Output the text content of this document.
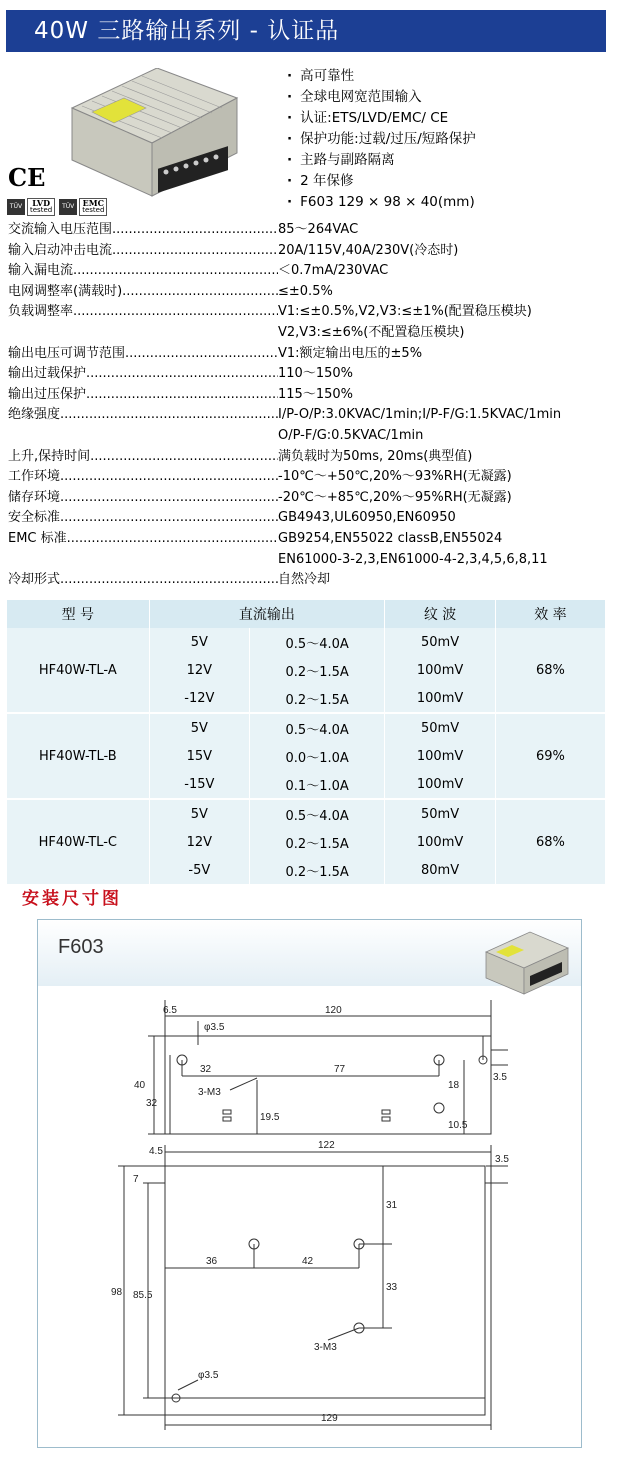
40W 三路输出系列 - 认证品
CE
TÜV	LVD
tested	TÜV	EMC
tested
· 高可靠性
· 全球电网宽范围输入
· 认证:ETS/LVD/EMC/ CE
· 保护功能:过载/过压/短路保护
· 主路与副路隔离
· 2 年保修
· F603 129 × 98 × 40(mm)
交流输入电压范围 .....	85～264VAC
输入启动冲击电流 .....	20A/115V,40A/230V(冷态时)
输入漏电流 .....	＜0.7mA/230VAC
电网调整率(满载时) .....	≤±0.5%
负载调整率 .....	V1:≤±0.5%,V2,V3:≤±1%(配置稳压模块)
V2,V3:≤±6%(不配置稳压模块)
输出电压可调节范围 .....	V1:额定输出电压的±5%
输出过载保护 .....	110～150%
输出过压保护 .....	115～150%
绝缘强度 .....	I/P-O/P:3.0KVAC/1min;I/P-F/G:1.5KVAC/1min
O/P-F/G:0.5KVAC/1min
上升,保持时间 .....	满负载时为50ms, 20ms(典型值)
工作环境 .....	-10℃～+50℃,20%～93%RH(无凝露)
储存环境 .....	-20℃～+85℃,20%～95%RH(无凝露)
安全标准 .....	GB4943,UL60950,EN60950
EMC 标准 .....	GB9254,EN55022 classB,EN55024
EN61000-3-2,3,EN61000-4-2,3,4,5,6,8,11
冷却形式 .....	自然冷却
型 号	直流输出		纹 波	效 率
HF40W-TL-A	5V	0.5～4.0A	50mV	68%
	12V	0.2～1.5A	100mV	
	-12V	0.2～1.5A	100mV	
HF40W-TL-B	5V	0.5～4.0A	50mV	69%
	15V	0.0～1.0A	100mV	
	-15V	0.1～1.0A	100mV	
HF40W-TL-C	5V	0.5～4.0A	50mV	68%
	12V	0.2～1.5A	100mV	
	-5V	0.2～1.5A	80mV	
安装尺寸图
F603
120
6.5
φ3.5
40
32
32	77
3-M3
19.5
18
10.5
3.5
122
4.5
7
3.5
98 85.5
31
33
36	42
3-M3
φ3.5
129
